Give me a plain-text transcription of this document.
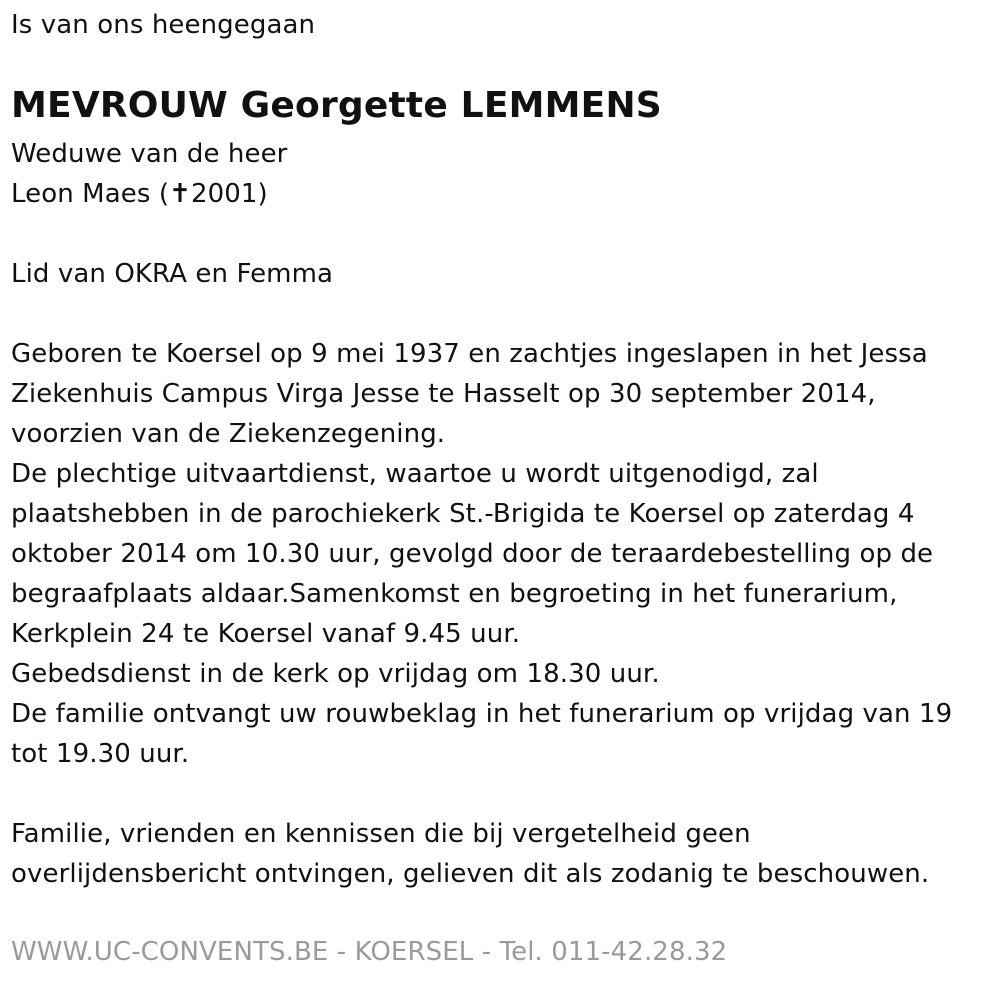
Is van ons heengegaan
MEVROUW Georgette LEMMENS
Weduwe van de heer
Leon Maes (✝2001)
Lid van OKRA en Femma
Geboren te Koersel op 9 mei 1937 en zachtjes ingeslapen in het Jessa
Ziekenhuis Campus Virga Jesse te Hasselt op 30 september 2014,
voorzien van de Ziekenzegening.
De plechtige uitvaartdienst, waartoe u wordt uitgenodigd, zal
plaatshebben in de parochiekerk St.-Brigida te Koersel op zaterdag 4
oktober 2014 om 10.30 uur, gevolgd door de teraardebestelling op de
begraafplaats aldaar.Samenkomst en begroeting in het funerarium,
Kerkplein 24 te Koersel vanaf 9.45 uur.
Gebedsdienst in de kerk op vrijdag om 18.30 uur.
De familie ontvangt uw rouwbeklag in het funerarium op vrijdag van 19
tot 19.30 uur.
Familie, vrienden en kennissen die bij vergetelheid geen
overlijdensbericht ontvingen, gelieven dit als zodanig te beschouwen.
WWW.UC-CONVENTS.BE - KOERSEL - Tel. 011-42.28.32
